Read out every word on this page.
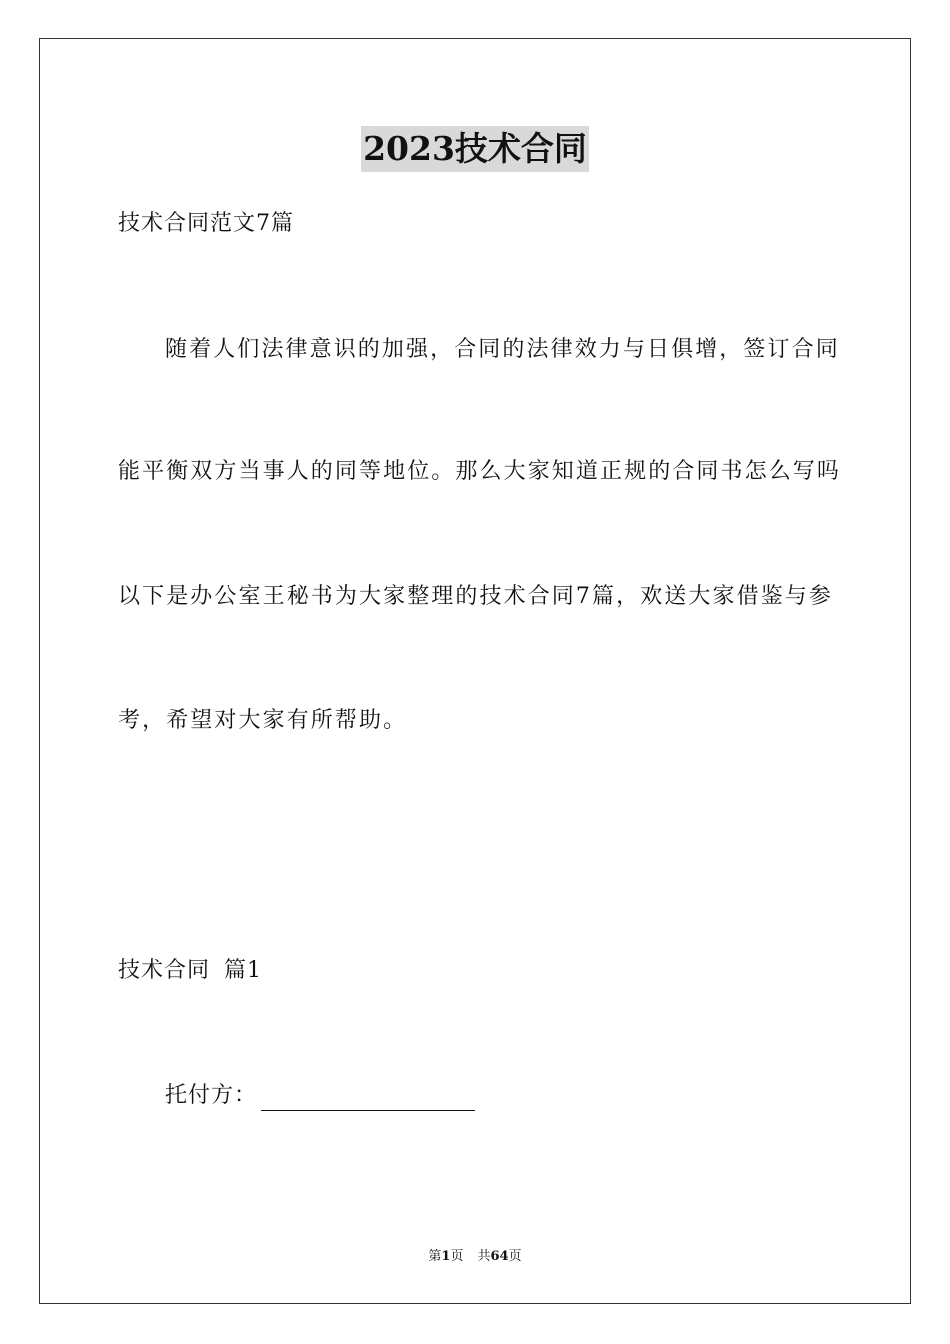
2023技术合同
技术合同范文7篇
随着人们法律意识的加强，合同的法律效力与日俱增，签订合同
能平衡双方当事人的同等地位。那么大家知道正规的合同书怎么写吗
以下是办公室王秘书为大家整理的技术合同7篇，欢送大家借鉴与参
考，希望对大家有所帮助。
技术合同 篇1
托付方：
第1页 共64页
